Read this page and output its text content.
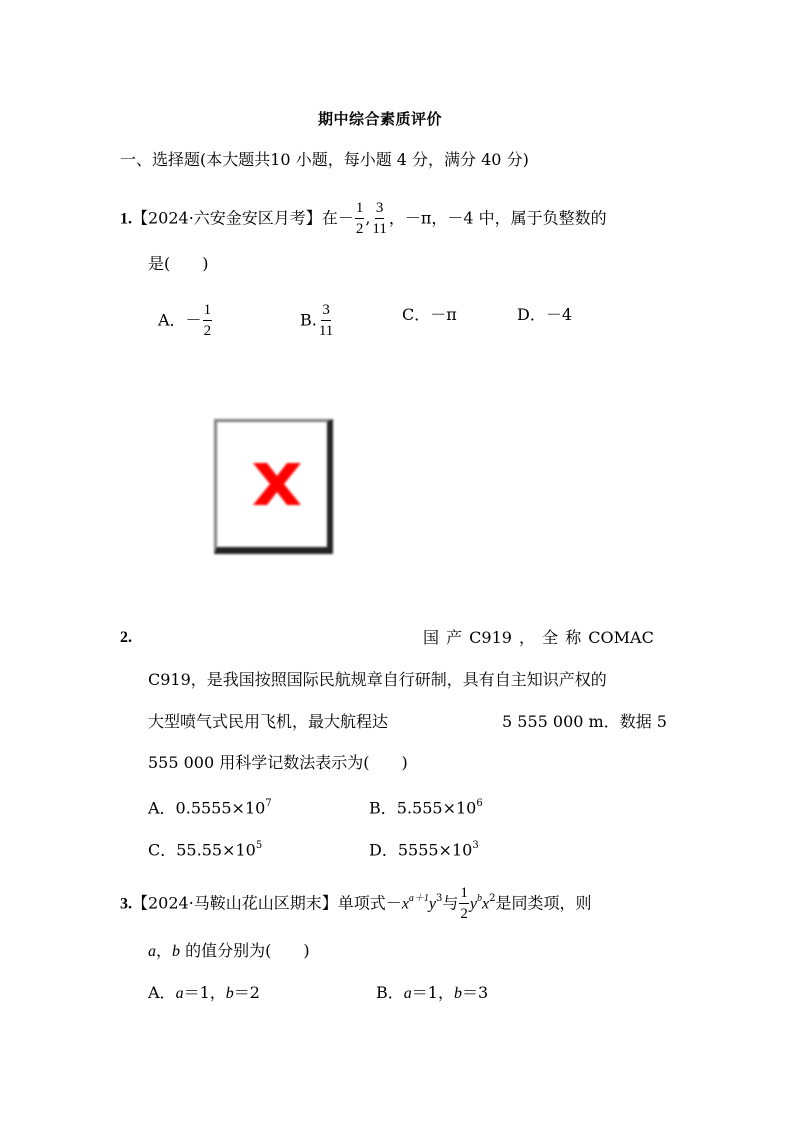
期中综合素质评价
一、选择题(本大题共10 小题，每小题 4 分，满分 40 分)
1.【2024·六安金安区月考】在－ $\frac{1}{2}$ , $\frac{3}{11}$ ，－π，－4 中，属于负整数的
是(　　)
A．－ $\frac{1}{2}$	B. $\frac{3}{11}$	C．－π	D．－4
2.	国 产 C919 ， 全 称 COMAC
C919，是我国按照国际民航规章自行研制，具有自主知识产权的
大型喷气式民用飞机，最大航程达	5 555 000 m．数据 5
555 000 用科学记数法表示为(　　)
A．$0.5555\times 10^7$	B．$5.555\times 10^6$
C．$55.55\times 10^5$	D．$5555\times 10^3$
3.【2024·马鞍山花山区期末】单项式$-x^{a+1}y^3$与 $\frac{1}{2} y^bx^2$是同类项，则
a，b 的值分别为(　　)
A．a＝1，b＝2	B．a＝1，b＝3
